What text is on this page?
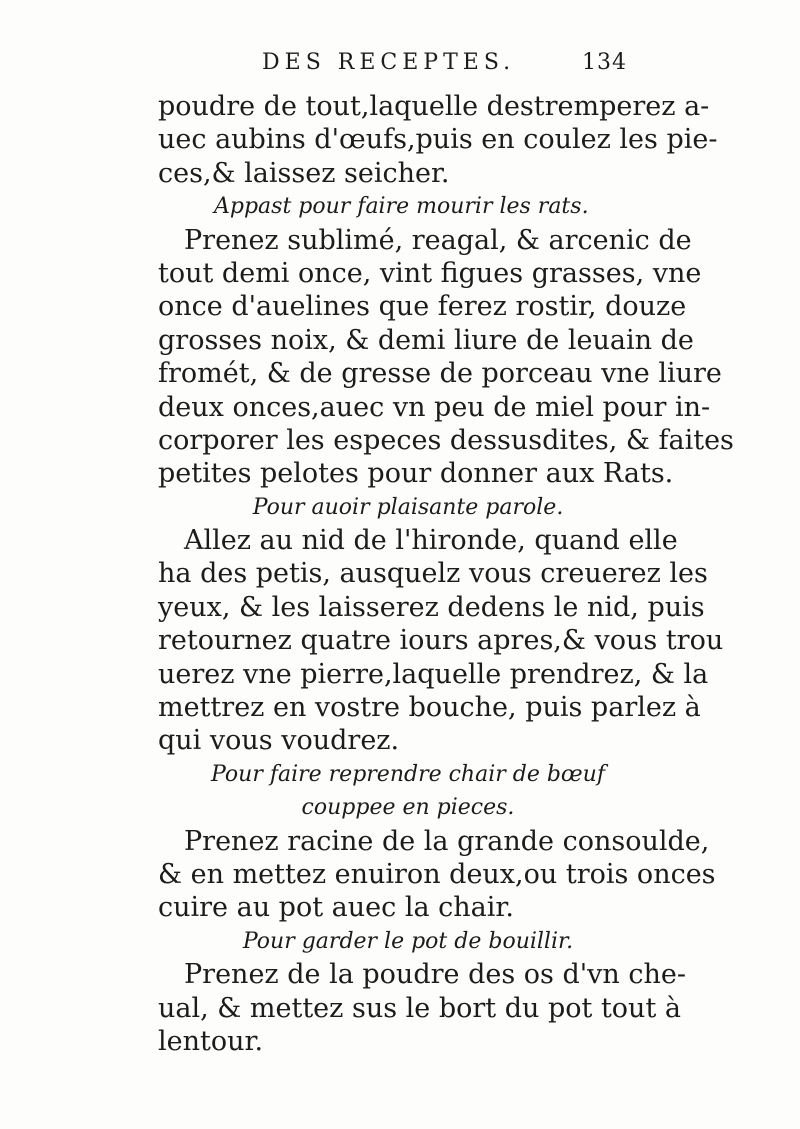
DES RECEPTES.	134
poudre de tout,laquelle destremperez a-
uec aubins d'œufs,puis en coulez les pie-
ces,& laissez seicher.
Appast pour faire mourir les rats.
Prenez sublimé, reagal, & arcenic de
tout demi once, vint figues grasses, vne
once d'auelines que ferez rostir, douze
grosses noix, & demi liure de leuain de
fromét, & de gresse de porceau vne liure
deux onces,auec vn peu de miel pour in-
corporer les especes dessusdites, & faites
petites pelotes pour donner aux Rats.
Pour auoir plaisante parole.
Allez au nid de l'hironde, quand elle
ha des petis, ausquelz vous creuerez les
yeux, & les laisserez dedens le nid, puis
retournez quatre iours apres,& vous trou
uerez vne pierre,laquelle prendrez, & la
mettrez en vostre bouche, puis parlez à
qui vous voudrez.
Pour faire reprendre chair de bœuf
couppee en pieces.
Prenez racine de la grande consoulde,
& en mettez enuiron deux,ou trois onces
cuire au pot auec la chair.
Pour garder le pot de bouillir.
Prenez de la poudre des os d'vn che-
ual, & mettez sus le bort du pot tout à
lentour.
